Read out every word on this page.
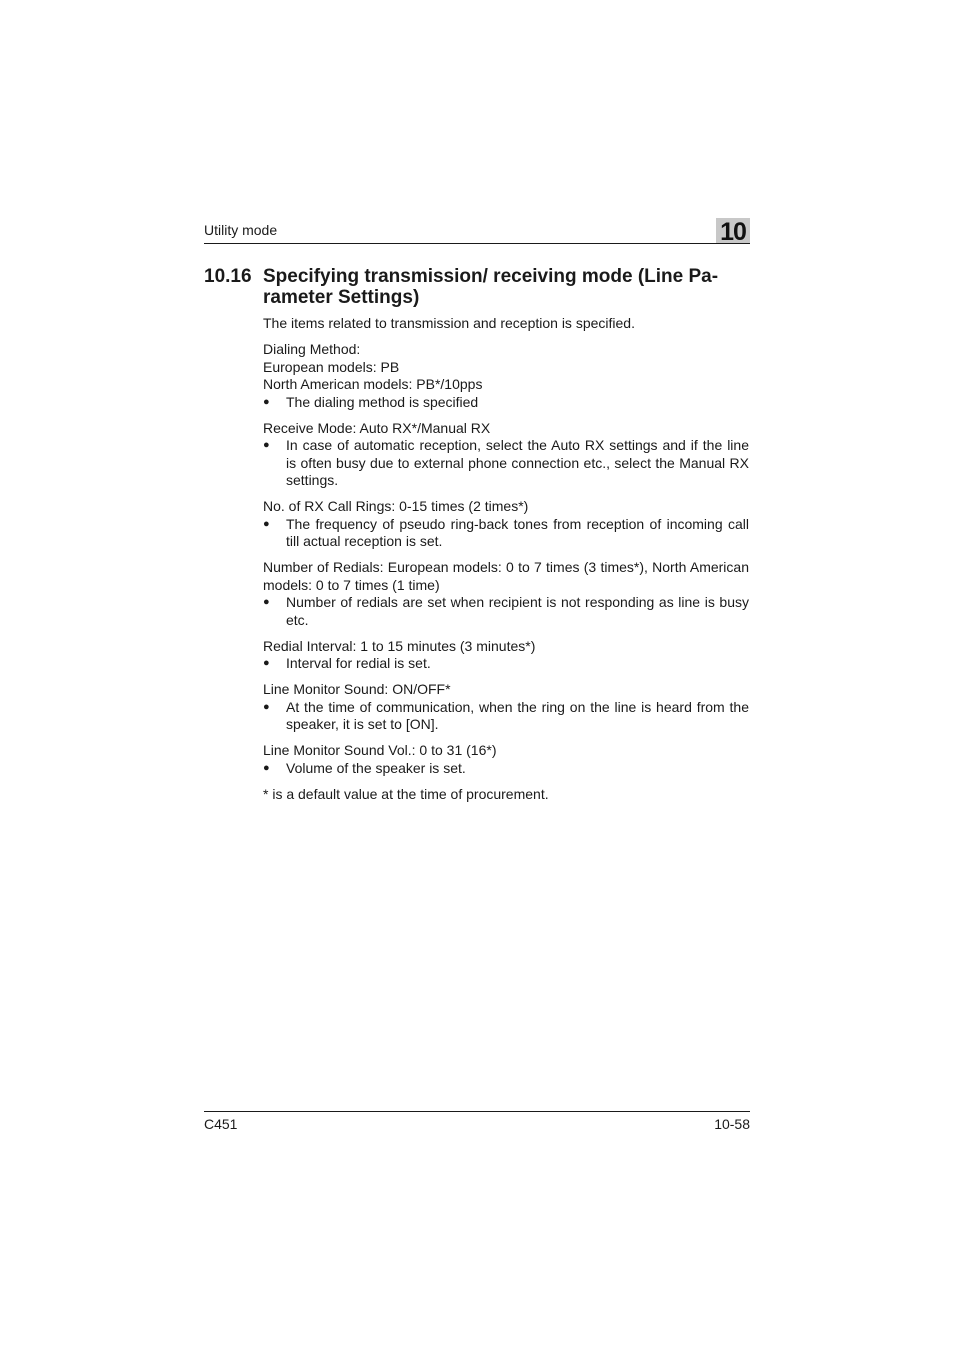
Utility mode	10
10.16 Specifying transmission/ receiving mode (Line Pa-rameter Settings)

The items related to transmission and reception is specified.

Dialing Method:

European models: PB

North American models: PB*/10pps

● The dialing method is specified

Receive Mode: Auto RX*/Manual RX

● In case of automatic reception, select the Auto RX settings and if the line is often busy due to external phone connection etc., select the Manual RX settings.

No. of RX Call Rings: 0-15 times (2 times*)

● The frequency of pseudo ring-back tones from reception of incoming call till actual reception is set.

Number of Redials: European models: 0 to 7 times (3 times*), North American models: 0 to 7 times (1 time)

● Number of redials are set when recipient is not responding as line is busy etc.

Redial Interval: 1 to 15 minutes (3 minutes*)

● Interval for redial is set.

Line Monitor Sound: ON/OFF*

● At the time of communication, when the ring on the line is heard from the speaker, it is set to [ON].

Line Monitor Sound Vol.: 0 to 31 (16*)

● Volume of the speaker is set.

* is a default value at the time of procurement.

C451	10-58
